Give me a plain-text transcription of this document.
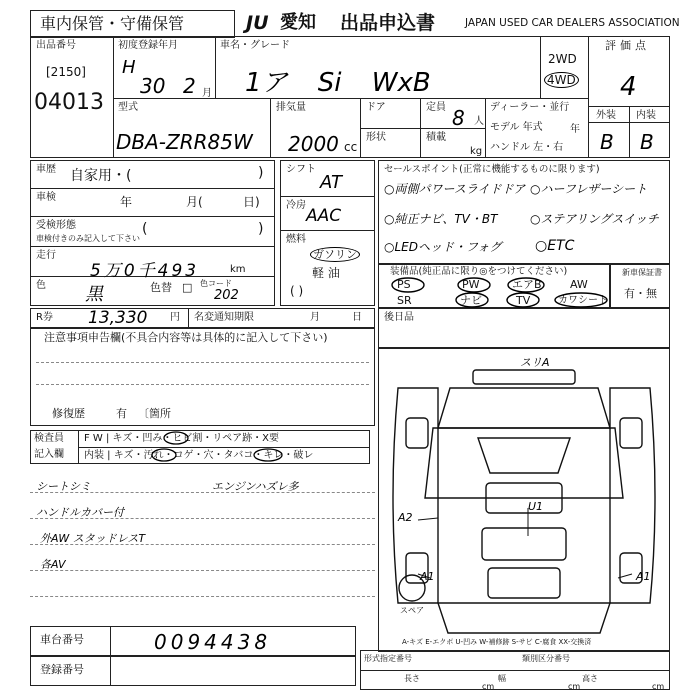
車内保管・守備保管	JU 愛知 出品申込書	JAPAN USED CAR DEALERS ASSOCIATION
出品番号
[2150]
04013
初度登録年月
H
30 2 月
車名・グレード
1ア Si WxB
2WD
4WD
評価点
4
型式
DBA-ZRR85W
排気量
2000 cc
ドア
形状
定員 8 人
積載
kg
ディーラー・並行
モデル 年式	年
ハンドル 左・右
外装 内装
B B
車歴 自家用・(	)
車検	年	月(	日)
受検形態
車検付きのみ記入して下さい
(	)
走行
5万0千493	km
色 黒	色替 □ 色コード
202
シフト
AT
冷房
AAC
燃料
ガソリン
軽 油
( )
セールスポイント(正常に機能するものに限ります)
○両側パワースライドドア ○ハーフレザーシート
○純正ナビ、TV・BT	○ステアリングスイッチ
○LEDヘッド・フォグ ○ETC
装備品(純正品に限り◎をつけてください)
PS	PW	エアB	AW
SR	ナビ	TV	カワシート
新車保証書
有・無
R券 13,330 円 名変通知期限	月	日 後日品
注意事項申告欄(不具合内容等は具体的に記入して下さい)
修復歴	有 〔箇所
検査員
記入欄
F W | キズ・凹み・ヒビ割・リペア跡・X要
内装 | キズ・汚れ・コゲ・穴・タバコ・キレ・破レ
シートシミ
ハンドルカバー付
外AW スタッドレスT
各AV
エンジンハズレ多
スリA
A2
U1
A1	A1
スペア
A-キズ E-エクボ U-凹み W-補修跡 S-サビ C-腐食 XX-交換済
車台番号	0094438
登録番号
形式指定番号	類別区分番号
長さ
cm
幅
cm
高さ
cm
